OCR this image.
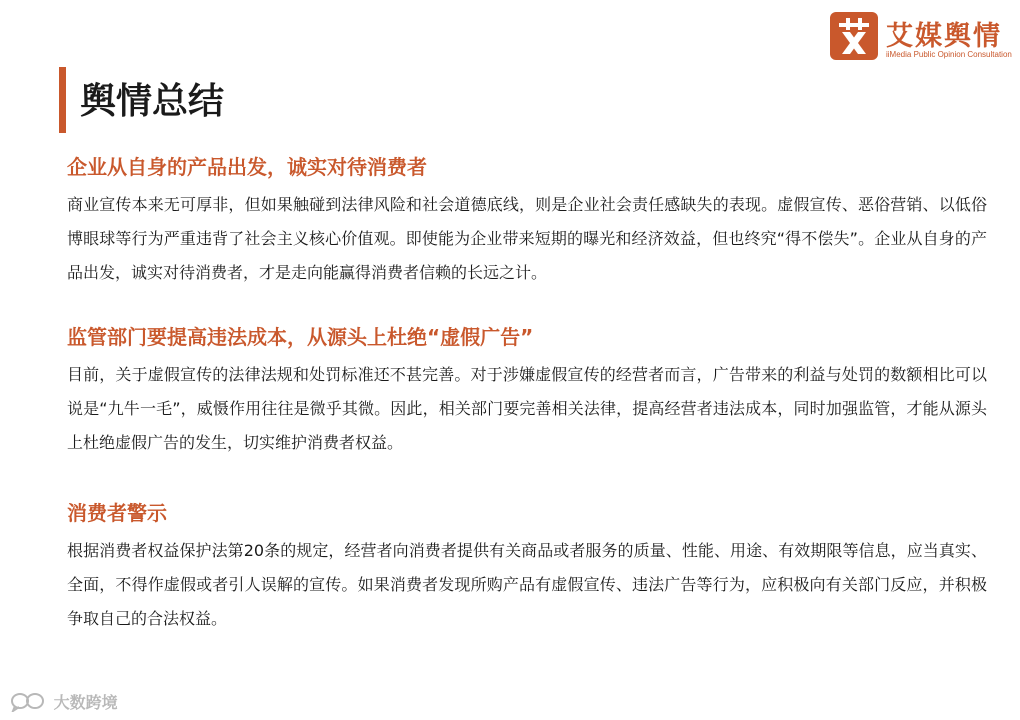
艾媒舆情
iiMedia Public Opinion Consultation
舆情总结
企业从自身的产品出发，诚实对待消费者

商业宣传本来无可厚非，但如果触碰到法律风险和社会道德底线，则是企业社会责任感缺失的表现。虚假宣传、恶俗营销、以低俗博眼球等行为严重违背了社会主义核心价值观。即使能为企业带来短期的曝光和经济效益，但也终究“得不偿失”。企业从自身的产品出发，诚实对待消费者，才是走向能赢得消费者信赖的长远之计。

监管部门要提高违法成本，从源头上杜绝“虚假广告”

目前，关于虚假宣传的法律法规和处罚标准还不甚完善。对于涉嫌虚假宣传的经营者而言，广告带来的利益与处罚的数额相比可以说是“九牛一毛”，威慑作用往往是微乎其微。因此，相关部门要完善相关法律，提高经营者违法成本，同时加强监管，才能从源头上杜绝虚假广告的发生，切实维护消费者权益。

消费者警示

根据消费者权益保护法第20条的规定，经营者向消费者提供有关商品或者服务的质量、性能、用途、有效期限等信息，应当真实、全面，不得作虚假或者引人误解的宣传。如果消费者发现所购产品有虚假宣传、违法广告等行为，应积极向有关部门反应，并积极争取自己的合法权益。

大数跨境
